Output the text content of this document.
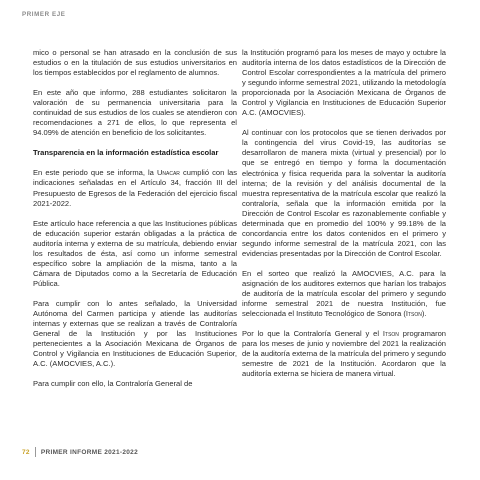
PRIMER EJE

mico o personal se han atrasado en la conclusión de sus estudios o en la titulación de sus estudios universitarios en los tiempos establecidos por el reglamento de alumnos.

En este año que informo, 288 estudiantes solicitaron la valoración de su permanencia universitaria para la continuidad de sus estudios de los cuales se atendieron con recomendaciones a 271 de ellos, lo que representa el 94.09% de atención en beneficio de los solicitantes.

Transparencia en la información estadística escolar

En este periodo que se informa, la Unacar cumplió con las indicaciones señaladas en el Artículo 34, fracción III del Presupuesto de Egresos de la Federación del ejercicio fiscal 2021-2022.

Este artículo hace referencia a que las Instituciones públicas de educación superior estarán obligadas a la práctica de auditoría interna y externa de su matrícula, debiendo enviar los resultados de ésta, así como un informe semestral específico sobre la ampliación de la misma, tanto a la Cámara de Diputados como a la Secretaría de Educación Pública.

Para cumplir con lo antes señalado, la Universidad Autónoma del Carmen participa y atiende las auditorías internas y externas que se realizan a través de Contraloría General de la Institución y por las Instituciones pertenecientes a la Asociación Mexicana de Órganos de Control y Vigilancia en Instituciones de Educación Superior, A.C. (AMOCVIES, A.C.).

Para cumplir con ello, la Contraloría General de

la Institución programó para los meses de mayo y octubre la auditoría interna de los datos estadísticos de la Dirección de Control Escolar correspondientes a la matrícula del primero y segundo informe semestral 2021, utilizando la metodología proporcionada por la Asociación Mexicana de Órganos de Control y Vigilancia en Instituciones de Educación Superior A.C. (AMOCVIES).

Al continuar con los protocolos que se tienen derivados por la contingencia del virus Covid-19, las auditorías se desarrollaron de manera mixta (virtual y presencial) por lo que se entregó en tiempo y forma la documentación electrónica y física requerida para la solventar la auditoría interna; de la revisión y del análisis documental de la muestra representativa de la matrícula escolar que realizó la contraloría, señala que la información emitida por la Dirección de Control Escolar es razonablemente confiable y determinada que en promedio del 100% y 99.18% de la concordancia entre los datos contenidos en el primero y segundo informe semestral de la matrícula 2021, con las evidencias presentadas por la Dirección de Control Escolar.

En el sorteo que realizó la AMOCVIES, A.C. para la asignación de los auditores externos que harían los trabajos de auditoría de la matrícula escolar del primero y segundo informe semestral 2021 de nuestra Institución, fue seleccionada el Instituto Tecnológico de Sonora (Itson).

Por lo que la Contraloría General y el Itson programaron para los meses de junio y noviembre del 2021 la realización de la auditoría externa de la matrícula del primero y segundo semestre de 2021 de la Institución. Acordaron que la auditoría externa se hiciera de manera virtual.

72 PRIMER INFORME 2021-2022
